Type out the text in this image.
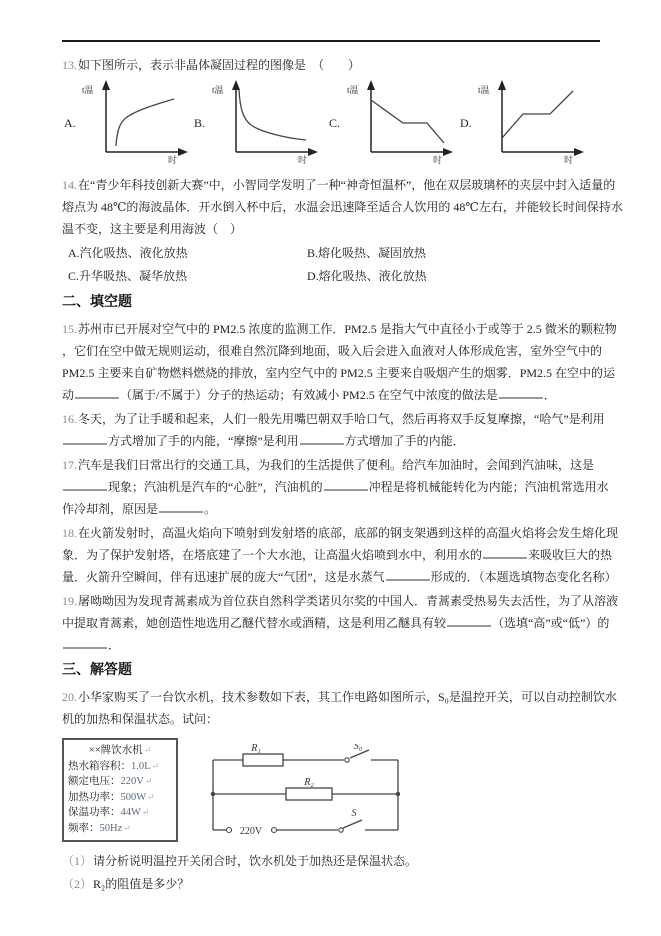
13.如下图所示，表示非晶体凝固过程的图像是　（　　）
A.
t温
时
B.
t温
时
C.
t温
时
D.
t温
时
14.在“青少年科技创新大赛”中，小智同学发明了一种“神奇恒温杯”，他在双层玻璃杯的夹层中封入适量的
熔点为 48℃的海波晶体．开水倒入杯中后，水温会迅速降至适合人饮用的 48℃左右，并能较长时间保持水
温不变，这主要是利用海波（　）
A.汽化吸热、液化放热	B.熔化吸热、凝固放热
C.升华吸热、凝华放热	D.熔化吸热、液化放热
二、填空题
15.苏州市已开展对空气中的 PM2.5 浓度的监测工作．PM2.5 是指大气中直径小于或等于 2.5 微米的颗粒物
，它们在空中做无规则运动，很难自然沉降到地面，吸入后会进入血液对人体形成危害，室外空气中的
PM2.5 主要来自矿物燃料燃烧的排放，室内空气中的 PM2.5 主要来自吸烟产生的烟雾．PM2.5 在空中的运
动	（属于/不属于）分子的热运动；有效减小 PM2.5 在空气中浓度的做法是	．
16.冬天，为了让手暖和起来，人们一般先用嘴巴朝双手哈口气，然后再将双手反复摩擦，“哈气”是利用
方式增加了手的内能，“摩擦”是利用	方式增加了手的内能．
17.汽车是我们日常出行的交通工具，为我们的生活提供了便利。给汽车加油时，会闻到汽油味，这是
现象；汽油机是汽车的“心脏”，汽油机的	冲程是将机械能转化为内能；汽油机常选用水
作冷却剂，原因是	。
18.在火箭发射时，高温火焰向下喷射到发射塔的底部，底部的钢支架遇到这样的高温火焰将会发生熔化现
象．为了保护发射塔，在塔底建了一个大水池，让高温火焰喷到水中，利用水的	来吸收巨大的热
量．火箭升空瞬间，伴有迅速扩展的庞大“气团”，这是水蒸气	形成的．（本题选填物态变化名称）
19.屠呦呦因为发现青蒿素成为首位获自然科学类诺贝尔奖的中国人．青蒿素受热易失去活性，为了从溶液
中提取青蒿素，她创造性地选用乙醚代替水或酒精，这是利用乙醚具有较	（选填“高”或“低”）的
．
三、解答题
20.小华家购买了一台饮水机，技术参数如下表，其工作电路如图所示，S₀是温控开关，可以自动控制饮水
机的加热和保温状态。试问：
××牌饮水机↵
热水箱容积：1.0L↵
额定电压：220V↵
加热功率：500W↵
保温功率：44W↵
频率：50Hz↵
R₁	S₀
R₂
S
220V
（1）请分析说明温控开关闭合时，饮水机处于加热还是保温状态。
（2）R₂的阻值是多少？
